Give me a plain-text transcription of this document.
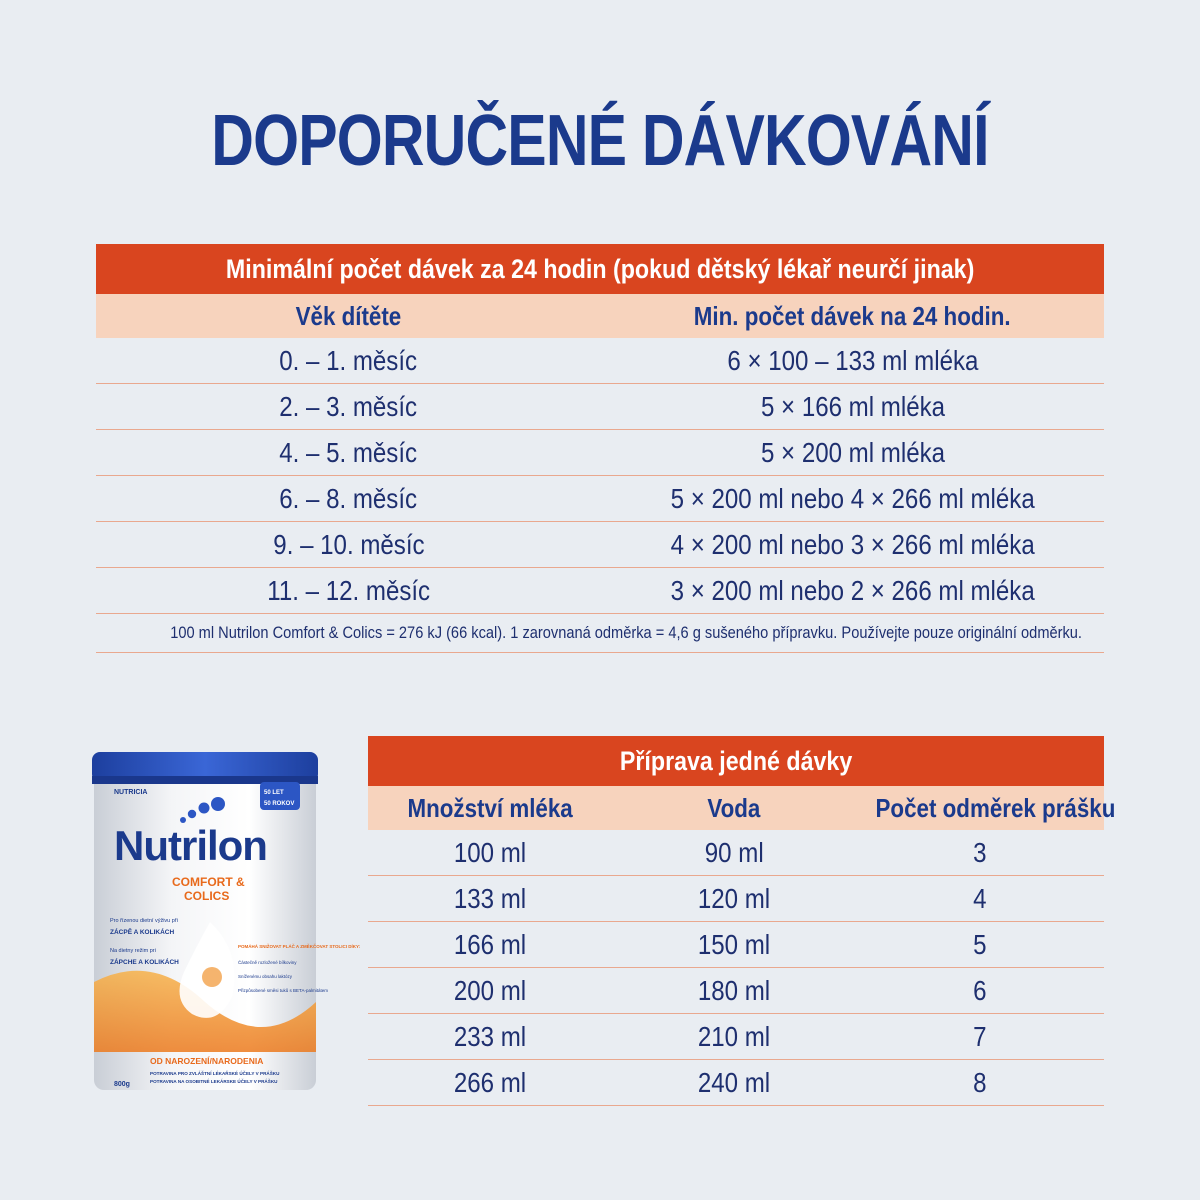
DOPORUČENÉ DÁVKOVÁNÍ
Minimální počet dávek za 24 hodin (pokud dětský lékař neurčí jinak)	
Věk dítěte	Min. počet dávek na 24 hodin.
0. – 1. měsíc	6 × 100 – 133 ml mléka
2. – 3. měsíc	5 × 166 ml mléka
4. – 5. měsíc	5 × 200 ml mléka
6. – 8. měsíc	5 × 200 ml nebo 4 × 266 ml mléka
9. – 10. měsíc	4 × 200 ml nebo 3 × 266 ml mléka
11. – 12. měsíc	3 × 200 ml nebo 2 × 266 ml mléka
100 ml Nutrilon Comfort & Colics = 276 kJ (66 kcal). 1 zarovnaná odměrka = 4,6 g sušeného přípravku. Používejte pouze originální odměrku.	
NUTRICIA
Nutrilon
COMFORT &
COLICS
50 LET
50 ROKOV
Pro řízenou dietní výživu při
ZÁCPĚ A KOLIKÁCH
Na dietny režim pri
ZÁPCHE A KOLIKÁCH
POMÁHÁ SNIŽOVAT PLÁČ A ZMĚKČOVAT STOLICI DÍKY:
Částečně rozložené bílkoviny
Sníženému obsahu laktózy
Přizpůsobené směsi tuků s BETA-palmitátem
OD NAROZENÍ/NARODENIA
800g
POTRAVINA PRO ZVLÁŠTNÍ LÉKAŘSKÉ ÚČELY V PRÁŠKU
POTRAVINA NA OSOBITNÉ LEKÁRSKE ÚČELY V PRÁŠKU
Příprava jedné dávky		
Množství mléka	Voda	Počet odměrek prášku
100 ml	90 ml	3
133 ml	120 ml	4
166 ml	150 ml	5
200 ml	180 ml	6
233 ml	210 ml	7
266 ml	240 ml	8
